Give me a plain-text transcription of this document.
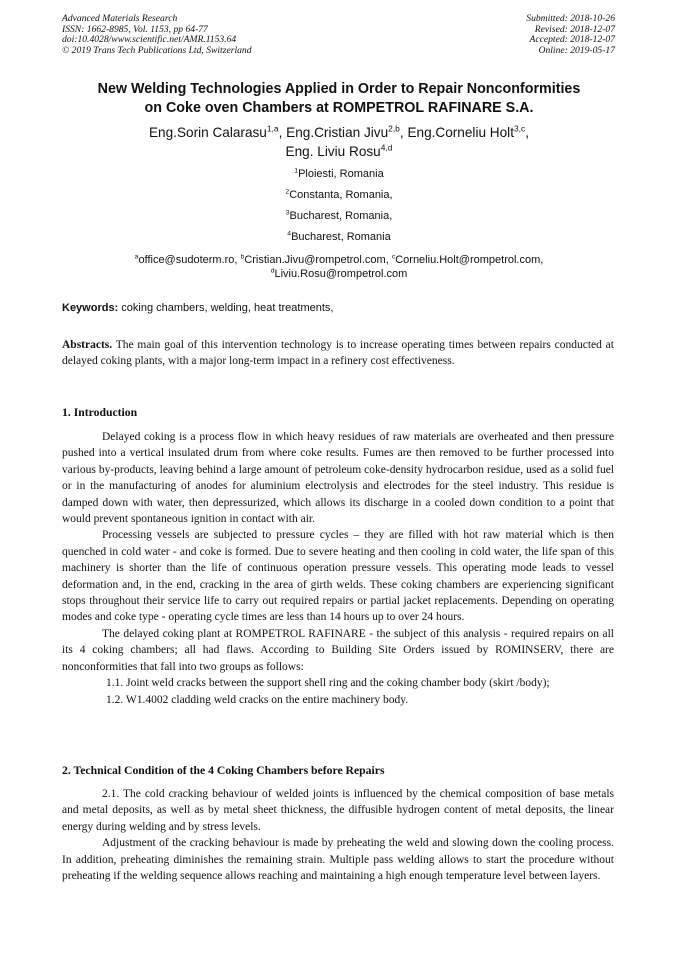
Advanced Materials Research
ISSN: 1662-8985, Vol. 1153, pp 64-77
doi:10.4028/www.scientific.net/AMR.1153.64
© 2019 Trans Tech Publications Ltd, Switzerland
Submitted: 2018-10-26
Revised: 2018-12-07
Accepted: 2018-12-07
Online: 2019-05-17
New Welding Technologies Applied in Order to Repair Nonconformities
on Coke oven Chambers at ROMPETROL RAFINARE S.A.
Eng.Sorin Calarasu$^{1,a}$, Eng.Cristian Jivu$^{2,b}$, Eng.Corneliu Holt$^{3,c}$,
Eng. Liviu Rosu$^{4,d}$
$^1$Ploiesti, Romania
$^2$Constanta, Romania,
$^3$Bucharest, Romania,
$^4$Bucharest, Romania
$^a$office@sudoterm.ro, $^b$Cristian.Jivu@rompetrol.com, $^c$Corneliu.Holt@rompetrol.com,
$^d$Liviu.Rosu@rompetrol.com
Keywords: coking chambers, welding, heat treatments,

Abstracts. The main goal of this intervention technology is to increase operating times between repairs conducted at delayed coking plants, with a major long-term impact in a refinery cost effectiveness.

1. Introduction

Delayed coking is a process flow in which heavy residues of raw materials are overheated and then pressure pushed into a vertical insulated drum from where coke results. Fumes are then removed to be further processed into various by-products, leaving behind a large amount of petroleum coke-density hydrocarbon residue, used as a solid fuel or in the manufacturing of anodes for aluminium electrolysis and electrodes for the steel industry. This residue is damped down with water, then depressurized, which allows its discharge in a cooled down condition to a point that would prevent spontaneous ignition in contact with air.

Processing vessels are subjected to pressure cycles – they are filled with hot raw material which is then quenched in cold water - and coke is formed. Due to severe heating and then cooling in cold water, the life span of this machinery is shorter than the life of continuous operation pressure vessels. This operating mode leads to vessel deformation and, in the end, cracking in the area of girth welds. These coking chambers are experiencing significant stops throughout their service life to carry out required repairs or partial jacket replacements. Depending on operating modes and coke type - operating cycle times are less than 14 hours up to over 24 hours.

The delayed coking plant at ROMPETROL RAFINARE - the subject of this analysis - required repairs on all its 4 coking chambers; all had flaws. According to Building Site Orders issued by ROMINSERV, there are nonconformities that fall into two groups as follows:

1.1. Joint weld cracks between the support shell ring and the coking chamber body (skirt /body);

1.2. W1.4002 cladding weld cracks on the entire machinery body.

2. Technical Condition of the 4 Coking Chambers before Repairs

2.1. The cold cracking behaviour of welded joints is influenced by the chemical composition of base metals and metal deposits, as well as by metal sheet thickness, the diffusible hydrogen content of metal deposits, the linear energy during welding and by stress levels.

Adjustment of the cracking behaviour is made by preheating the weld and slowing down the cooling process. In addition, preheating diminishes the remaining strain. Multiple pass welding allows to start the procedure without preheating if the welding sequence allows reaching and maintaining a high enough temperature level between layers.
